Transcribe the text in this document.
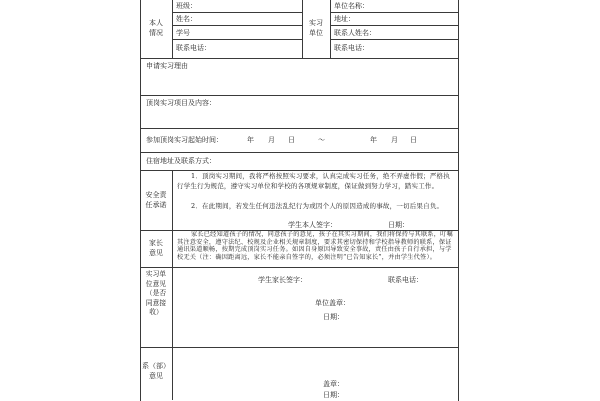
本人
情况
班级：
姓名：
学号
联系电话：
实习
单位
单位名称：
地址：
联系人姓名：
联系电话：
申请实习理由
顶岗实习项目及内容：
参加顶岗实习起始时间：	年 月 日	～	年 月 日
住宿地址及联系方式：
安全责
任承诺
1．顶岗实习期间，我将严格按照实习要求，认真完成实习任务，绝不弄虚作假；严格执行学生行为规范，遵守实习单位和学校的各项规章制度，保证做到努力学习，踏实工作。
2．在此期间，若发生任何违法乱纪行为或因个人的原因造成的事故，一切后果自负。
学生本人签字：	日期：
家长
意见
家长已经知道孩子的情况，同意孩子的意见，孩子在其实习期间，我们将保持与其联系，叮嘱其注意安全，遵守法纪、校规及企业相关规章制度，要求其密切保持和学校指导教师的联系，保证通讯渠道顺畅，按期完成顶岗实习任务。如因自身原因导致安全事故，责任由孩子自行承担，与学校无关（注：确因距离远，家长不能亲自签字的，必须注明“已告知家长”，并由学生代签）。
学生家长签字：	联系电话：
实习单
位意见
（是否
同意接
收）
单位盖章：
日期：
系（部）
意见
盖章：
日期：
